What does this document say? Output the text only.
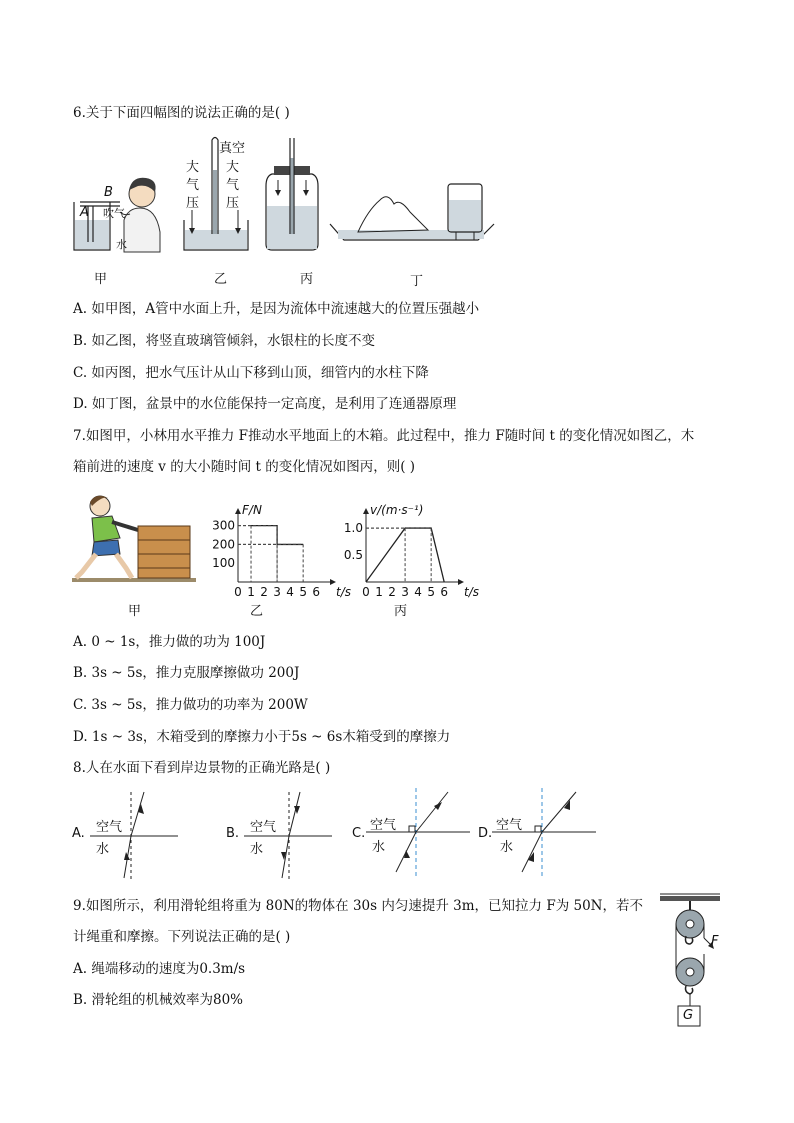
6.关于下面四幅图的说法正确的是( )
B
A 吹气
水
真空
大
气
压
大
气
压
甲	乙	丙	丁
A. 如甲图，A管中水面上升，是因为流体中流速越大的位置压强越小
B. 如乙图，将竖直玻璃管倾斜，水银柱的长度不变
C. 如丙图，把水气压计从山下移到山顶，细管内的水柱下降
D. 如丁图，盆景中的水位能保持一定高度，是利用了连通器原理
7.如图甲，小林用水平推力 F推动水平地面上的木箱。此过程中，推力 F随时间 t 的变化情况如图乙，木
箱前进的速度 v 的大小随时间 t 的变化情况如图丙，则( )
0 1 2 3 4 5 6
100
200
300
F/N
t/s 0 1 2 3 4 5 6
0.5
1.0
v/(m·s⁻¹)
t/s
甲	乙	丙
A. 0 ~ 1s，推力做的功为 100J
B. 3s ~ 5s，推力克服摩擦做功 200J
C. 3s ~ 5s，推力做功的功率为 200W
D. 1s ~ 3s，木箱受到的摩擦力小于5s ~ 6s木箱受到的摩擦力
8.人在水面下看到岸边景物的正确光路是( )
A. 空气
水
B. 空气
水
C.
空气
水
D.
空气
水
9.如图所示，利用滑轮组将重为 80N的物体在 30s 内匀速提升 3m，已知拉力 F为 50N，若不
计绳重和摩擦。下列说法正确的是( )
A. 绳端移动的速度为0.3m/s
B. 滑轮组的机械效率为80%
F
G
